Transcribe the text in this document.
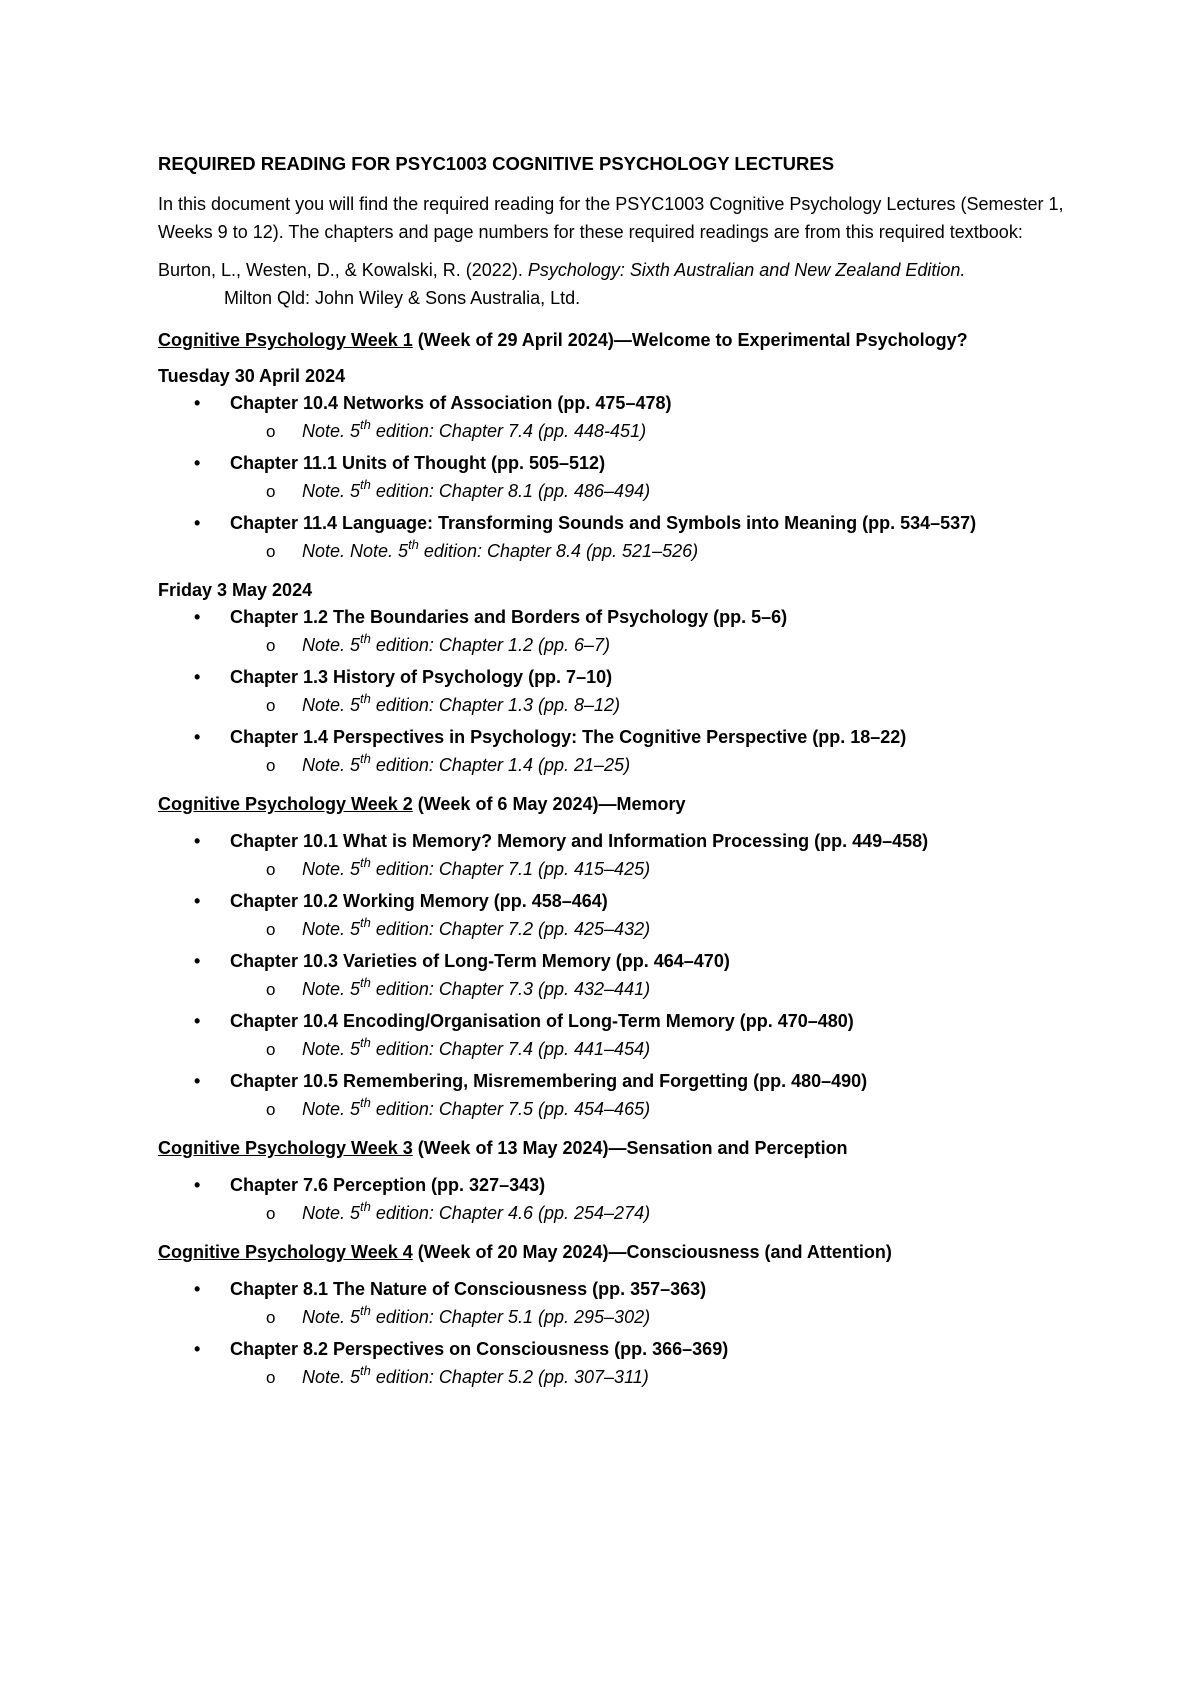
REQUIRED READING FOR PSYC1003 COGNITIVE PSYCHOLOGY LECTURES
In this document you will find the required reading for the PSYC1003 Cognitive Psychology Lectures (Semester 1, Weeks 9 to 12). The chapters and page numbers for these required readings are from this required textbook:
Burton, L., Westen, D., & Kowalski, R. (2022). Psychology: Sixth Australian and New Zealand Edition.
Milton Qld: John Wiley & Sons Australia, Ltd.
Cognitive Psychology Week 1 (Week of 29 April 2024)—Welcome to Experimental Psychology?
Tuesday 30 April 2024
• Chapter 10.4 Networks of Association (pp. 475–478)
o Note. 5th edition: Chapter 7.4 (pp. 448-451)
• Chapter 11.1 Units of Thought (pp. 505–512)
o Note. 5th edition: Chapter 8.1 (pp. 486–494)
• Chapter 11.4 Language: Transforming Sounds and Symbols into Meaning (pp. 534–537)
o Note. Note. 5th edition: Chapter 8.4 (pp. 521–526)
Friday 3 May 2024
• Chapter 1.2 The Boundaries and Borders of Psychology (pp. 5–6)
o Note. 5th edition: Chapter 1.2 (pp. 6–7)
• Chapter 1.3 History of Psychology (pp. 7–10)
o Note. 5th edition: Chapter 1.3 (pp. 8–12)
• Chapter 1.4 Perspectives in Psychology: The Cognitive Perspective (pp. 18–22)
o Note. 5th edition: Chapter 1.4 (pp. 21–25)
Cognitive Psychology Week 2 (Week of 6 May 2024)—Memory
• Chapter 10.1 What is Memory? Memory and Information Processing (pp. 449–458)
o Note. 5th edition: Chapter 7.1 (pp. 415–425)
• Chapter 10.2 Working Memory (pp. 458–464)
o Note. 5th edition: Chapter 7.2 (pp. 425–432)
• Chapter 10.3 Varieties of Long-Term Memory (pp. 464–470)
o Note. 5th edition: Chapter 7.3 (pp. 432–441)
• Chapter 10.4 Encoding/Organisation of Long-Term Memory (pp. 470–480)
o Note. 5th edition: Chapter 7.4 (pp. 441–454)
• Chapter 10.5 Remembering, Misremembering and Forgetting (pp. 480–490)
o Note. 5th edition: Chapter 7.5 (pp. 454–465)
Cognitive Psychology Week 3 (Week of 13 May 2024)—Sensation and Perception
• Chapter 7.6 Perception (pp. 327–343)
o Note. 5th edition: Chapter 4.6 (pp. 254–274)
Cognitive Psychology Week 4 (Week of 20 May 2024)—Consciousness (and Attention)
• Chapter 8.1 The Nature of Consciousness (pp. 357–363)
o Note. 5th edition: Chapter 5.1 (pp. 295–302)
• Chapter 8.2 Perspectives on Consciousness (pp. 366–369)
o Note. 5th edition: Chapter 5.2 (pp. 307–311)
